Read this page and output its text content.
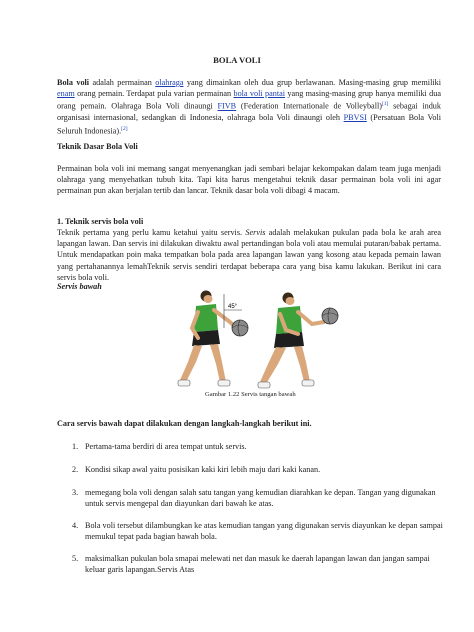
BOLA VOLI
Bola voli adalah permainan olahraga yang dimainkan oleh dua grup berlawanan. Masing-masing grup memiliki enam orang pemain. Terdapat pula varian permainan bola voli pantai yang masing-masing grup hanya memiliki dua orang pemain. Olahraga Bola Voli dinaungi FIVB (Federation Internationale de Volleyball)[1] sebagai induk organisasi internasional, sedangkan di Indonesia, olahraga bola Voli dinaungi oleh PBVSI (Persatuan Bola Voli Seluruh Indonesia).[2]
Teknik Dasar Bola Voli
Permainan bola voli ini memang sangat menyenangkan jadi sembari belajar kekompakan dalam team juga menjadi olahraga yang menyehatkan tubuh kita. Tapi kita harus mengetahui teknik dasar permainan bola voli ini agar permainan pun akan berjalan tertib dan lancar. Teknik dasar bola voli dibagi 4 macam.
1. Teknik servis bola voli
Teknik pertama yang perlu kamu ketahui yaitu servis. Servis adalah melakukan pukulan pada bola ke arah area lapangan lawan. Dan servis ini dilakukan diwaktu awal pertandingan bola voli atau memulai putaran/babak pertama. Untuk mendapatkan poin maka tempatkan bola pada area lapangan lawan yang kosong atau kepada pemain lawan yang pertahanannya lemahTeknik servis sendiri terdapat beberapa cara yang bisa kamu lakukan. Berikut ini cara servis bola voli.
Servis bawah
45°
Gambar 1.22 Servis tangan bawah
Cara servis bawah dapat dilakukan dengan langkah-langkah berikut ini.
1. Pertama-tama berdiri di area tempat untuk servis.
2. Kondisi sikap awal yaitu posisikan kaki kiri lebih maju dari kaki kanan.
3. memegang bola voli dengan salah satu tangan yang kemudian diarahkan ke depan. Tangan yang digunakan untuk servis mengepal dan diayunkan dari bawah ke atas.
4. Bola voli tersebut dilambungkan ke atas kemudian tangan yang digunakan servis diayunkan ke depan sampai memukul tepat pada bagian bawah bola.
5. maksimalkan pukulan bola smapai melewati net dan masuk ke daerah lapangan lawan dan jangan sampai keluar garis lapangan.Servis Atas
